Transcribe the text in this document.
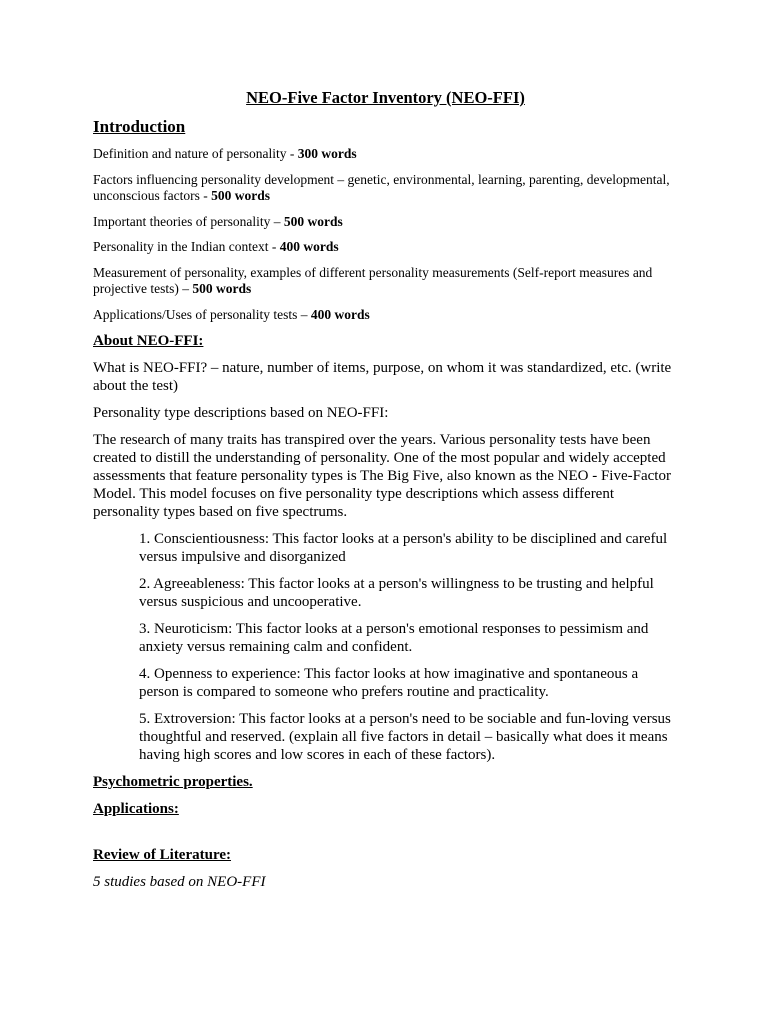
NEO-Five Factor Inventory (NEO-FFI)
Introduction
Definition and nature of personality - 300 words
Factors influencing personality development – genetic, environmental, learning, parenting, developmental, unconscious factors - 500 words
Important theories of personality – 500 words
Personality in the Indian context - 400 words
Measurement of personality, examples of different personality measurements (Self-report measures and projective tests) – 500 words
Applications/Uses of personality tests – 400 words
About NEO-FFI:
What is NEO-FFI? – nature, number of items, purpose, on whom it was standardized, etc. (write about the test)
Personality type descriptions based on NEO-FFI:
The research of many traits has transpired over the years. Various personality tests have been created to distill the understanding of personality. One of the most popular and widely accepted assessments that feature personality types is The Big Five, also known as the NEO - Five-Factor Model. This model focuses on five personality type descriptions which assess different personality types based on five spectrums.
1. Conscientiousness: This factor looks at a person's ability to be disciplined and careful versus impulsive and disorganized
2. Agreeableness: This factor looks at a person's willingness to be trusting and helpful versus suspicious and uncooperative.
3. Neuroticism: This factor looks at a person's emotional responses to pessimism and anxiety versus remaining calm and confident.
4. Openness to experience: This factor looks at how imaginative and spontaneous a person is compared to someone who prefers routine and practicality.
5. Extroversion: This factor looks at a person's need to be sociable and fun-loving versus thoughtful and reserved. (explain all five factors in detail – basically what does it means having high scores and low scores in each of these factors).
Psychometric properties.
Applications:
Review of Literature:
5 studies based on NEO-FFI
